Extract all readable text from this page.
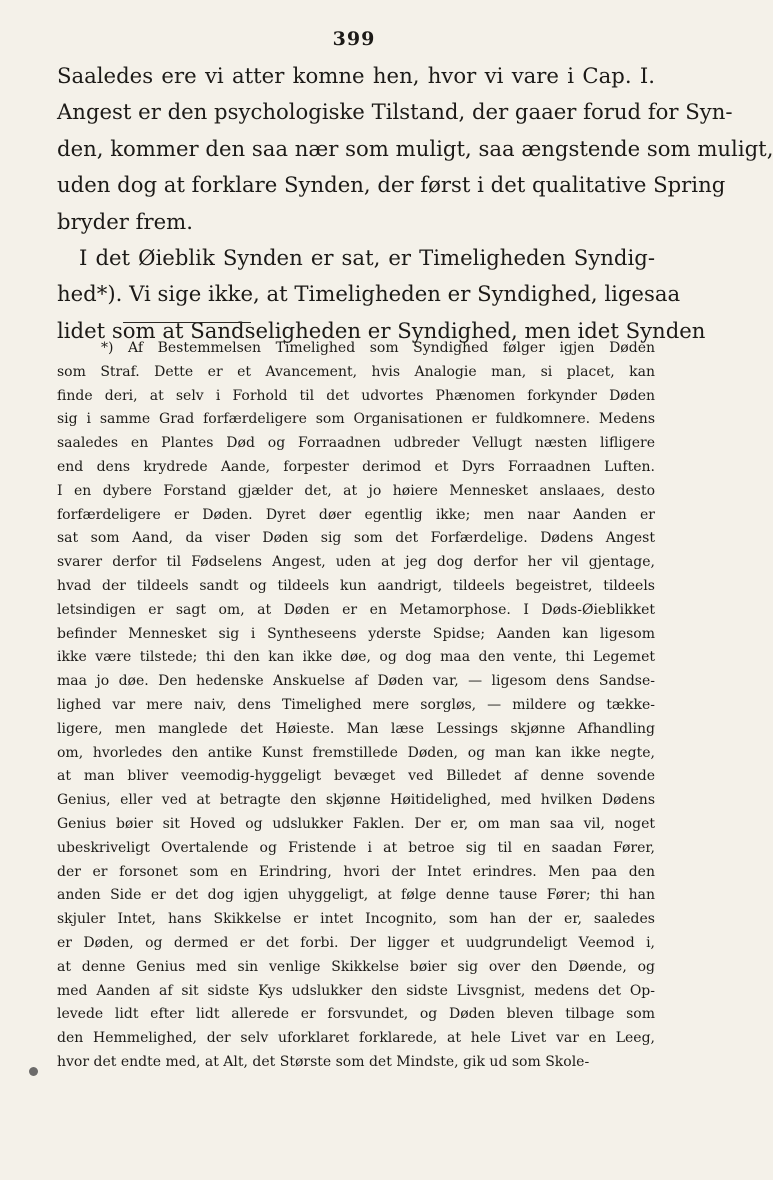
399
Saaledes ere vi atter komne hen, hvor vi vare i Cap. I.
Angest er den psychologiske Tilstand, der gaaer forud for Syn-
den, kommer den saa nær som muligt, saa ængstende som muligt,
uden dog at forklare Synden, der først i det qualitative Spring
bryder frem.
I det Øieblik Synden er sat, er Timeligheden Syndig-
hed*). Vi sige ikke, at Timeligheden er Syndighed, ligesaa
lidet som at Sandseligheden er Syndighed, men idet Synden
*) Af Bestemmelsen Timelighed som Syndighed følger igjen Døden
som Straf. Dette er et Avancement, hvis Analogie man, si placet, kan
finde deri, at selv i Forhold til det udvortes Phænomen forkynder Døden
sig i samme Grad forfærdeligere som Organisationen er fuldkomnere. Medens
saaledes en Plantes Død og Forraadnen udbreder Vellugt næsten lifligere
end dens krydrede Aande, forpester derimod et Dyrs Forraadnen Luften.
I en dybere Forstand gjælder det, at jo høiere Mennesket anslaaes, desto
forfærdeligere er Døden. Dyret døer egentlig ikke; men naar Aanden er
sat som Aand, da viser Døden sig som det Forfærdelige. Dødens Angest
svarer derfor til Fødselens Angest, uden at jeg dog derfor her vil gjentage,
hvad der tildeels sandt og tildeels kun aandrigt, tildeels begeistret, tildeels
letsindigen er sagt om, at Døden er en Metamorphose. I Døds-Øieblikket
befinder Mennesket sig i Syntheseens yderste Spidse; Aanden kan ligesom
ikke være tilstede; thi den kan ikke døe, og dog maa den vente, thi Legemet
maa jo døe. Den hedenske Anskuelse af Døden var, — ligesom dens Sandse-
lighed var mere naiv, dens Timelighed mere sorgløs, — mildere og tække-
ligere, men manglede det Høieste. Man læse Lessings skjønne Afhandling
om, hvorledes den antike Kunst fremstillede Døden, og man kan ikke negte,
at man bliver veemodig-hyggeligt bevæget ved Billedet af denne sovende
Genius, eller ved at betragte den skjønne Høitidelighed, med hvilken Dødens
Genius bøier sit Hoved og udslukker Faklen. Der er, om man saa vil, noget
ubeskriveligt Overtalende og Fristende i at betroe sig til en saadan Fører,
der er forsonet som en Erindring, hvori der Intet erindres. Men paa den
anden Side er det dog igjen uhyggeligt, at følge denne tause Fører; thi han
skjuler Intet, hans Skikkelse er intet Incognito, som han der er, saaledes
er Døden, og dermed er det forbi. Der ligger et uudgrundeligt Veemod i,
at denne Genius med sin venlige Skikkelse bøier sig over den Døende, og
med Aanden af sit sidste Kys udslukker den sidste Livsgnist, medens det Op-
levede lidt efter lidt allerede er forsvundet, og Døden bleven tilbage som
den Hemmelighed, der selv uforklaret forklarede, at hele Livet var en Leeg,
hvor det endte med, at Alt, det Største som det Mindste, gik ud som Skole-
